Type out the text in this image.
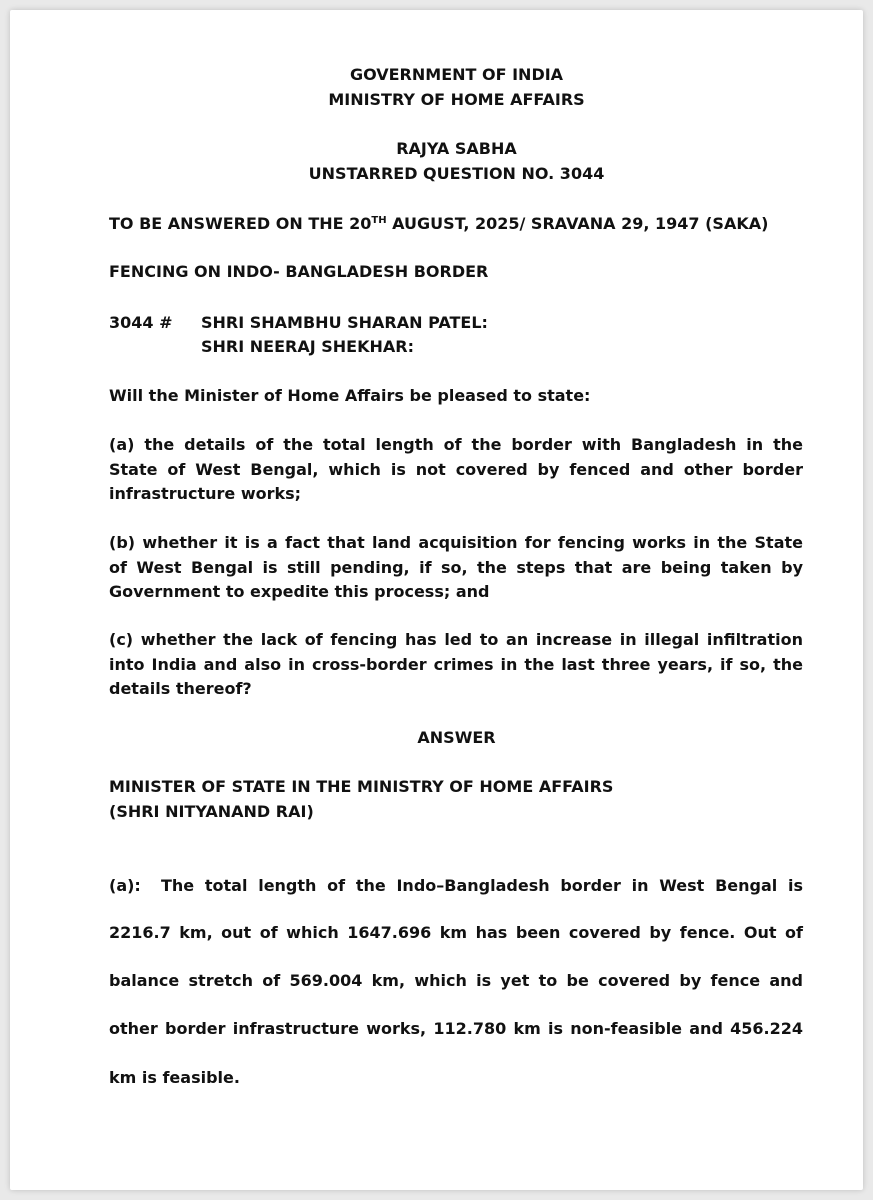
GOVERNMENT OF INDIA
MINISTRY OF HOME AFFAIRS
RAJYA SABHA
UNSTARRED QUESTION NO. 3044
TO BE ANSWERED ON THE 20TH AUGUST, 2025/ SRAVANA 29, 1947 (SAKA)
FENCING ON INDO- BANGLADESH BORDER
3044 # SHRI SHAMBHU SHARAN PATEL:
SHRI NEERAJ SHEKHAR:
Will the Minister of Home Affairs be pleased to state:
(a) the details of the total length of the border with Bangladesh in the
State of West Bengal, which is not covered by fenced and other border
infrastructure works;
(b) whether it is a fact that land acquisition for fencing works in the State
of West Bengal is still pending, if so, the steps that are being taken by
Government to expedite this process; and
(c) whether the lack of fencing has led to an increase in illegal infiltration
into India and also in cross-border crimes in the last three years, if so, the
details thereof?
ANSWER
MINISTER OF STATE IN THE MINISTRY OF HOME AFFAIRS
(SHRI NITYANAND RAI)
(a): The total length of the Indo–Bangladesh border in West Bengal is
2216.7 km, out of which 1647.696 km has been covered by fence. Out of
balance stretch of 569.004 km, which is yet to be covered by fence and
other border infrastructure works, 112.780 km is non-feasible and 456.224
km is feasible.
